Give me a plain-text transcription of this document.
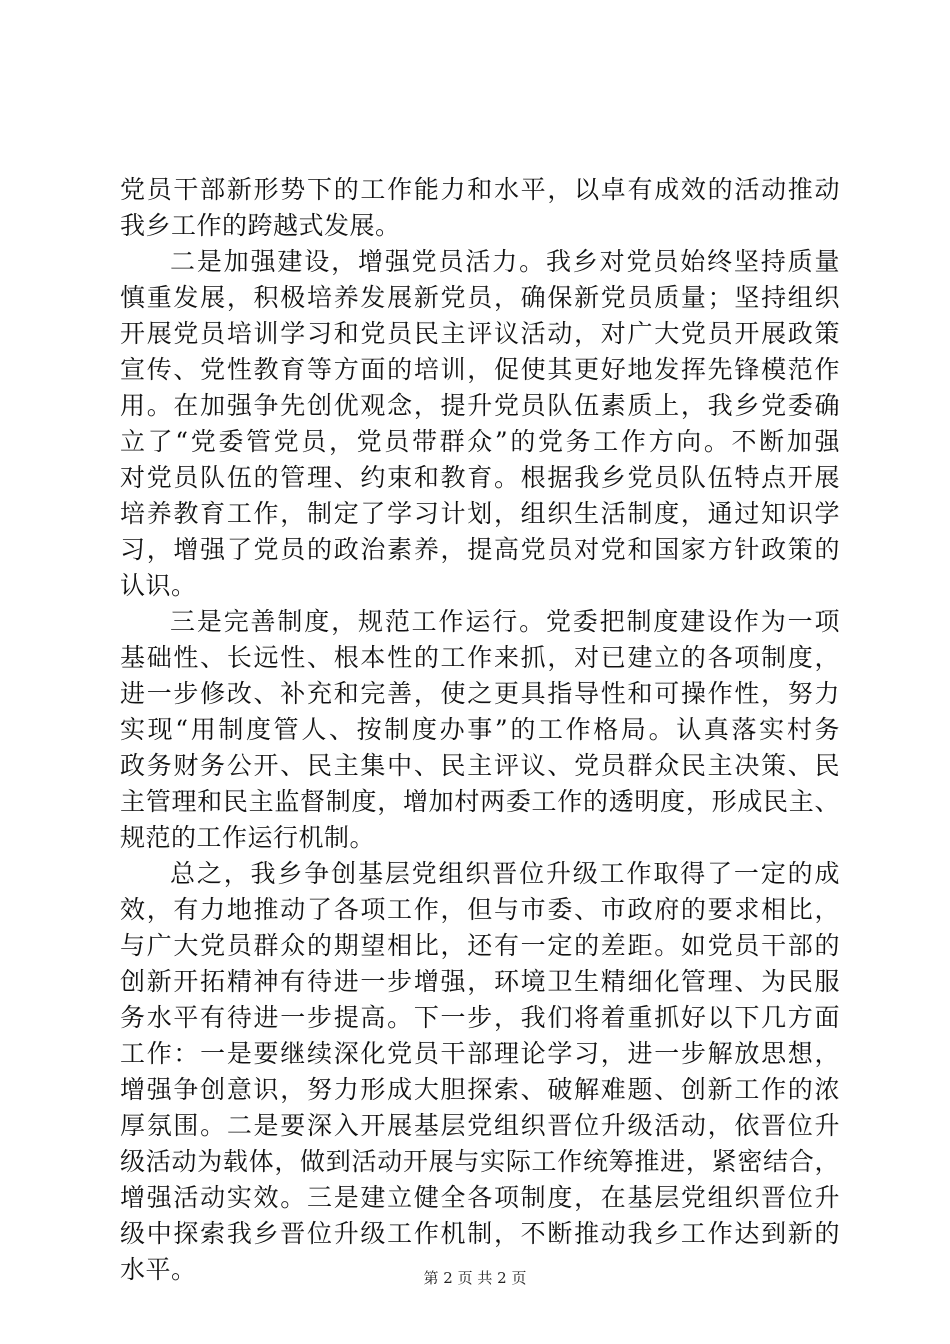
党员干部新形势下的工作能力和水平，以卓有成效的活动推动
我乡工作的跨越式发展。
二是加强建设，增强党员活力。我乡对党员始终坚持质量
慎重发展，积极培养发展新党员，确保新党员质量；坚持组织
开展党员培训学习和党员民主评议活动，对广大党员开展政策
宣传、党性教育等方面的培训，促使其更好地发挥先锋模范作
用。在加强争先创优观念，提升党员队伍素质上，我乡党委确
立了“党委管党员，党员带群众”的党务工作方向。不断加强
对党员队伍的管理、约束和教育。根据我乡党员队伍特点开展
培养教育工作，制定了学习计划，组织生活制度，通过知识学
习，增强了党员的政治素养，提高党员对党和国家方针政策的
认识。
三是完善制度，规范工作运行。党委把制度建设作为一项
基础性、长远性、根本性的工作来抓，对已建立的各项制度，
进一步修改、补充和完善，使之更具指导性和可操作性，努力
实现“用制度管人、按制度办事”的工作格局。认真落实村务
政务财务公开、民主集中、民主评议、党员群众民主决策、民
主管理和民主监督制度，增加村两委工作的透明度，形成民主、
规范的工作运行机制。
总之，我乡争创基层党组织晋位升级工作取得了一定的成
效，有力地推动了各项工作，但与市委、市政府的要求相比，
与广大党员群众的期望相比，还有一定的差距。如党员干部的
创新开拓精神有待进一步增强，环境卫生精细化管理、为民服
务水平有待进一步提高。下一步，我们将着重抓好以下几方面
工作：一是要继续深化党员干部理论学习，进一步解放思想，
增强争创意识，努力形成大胆探索、破解难题、创新工作的浓
厚氛围。二是要深入开展基层党组织晋位升级活动，依晋位升
级活动为载体，做到活动开展与实际工作统筹推进，紧密结合，
增强活动实效。三是建立健全各项制度，在基层党组织晋位升
级中探索我乡晋位升级工作机制，不断推动我乡工作达到新的
水平。	第 2 页 共 2 页
